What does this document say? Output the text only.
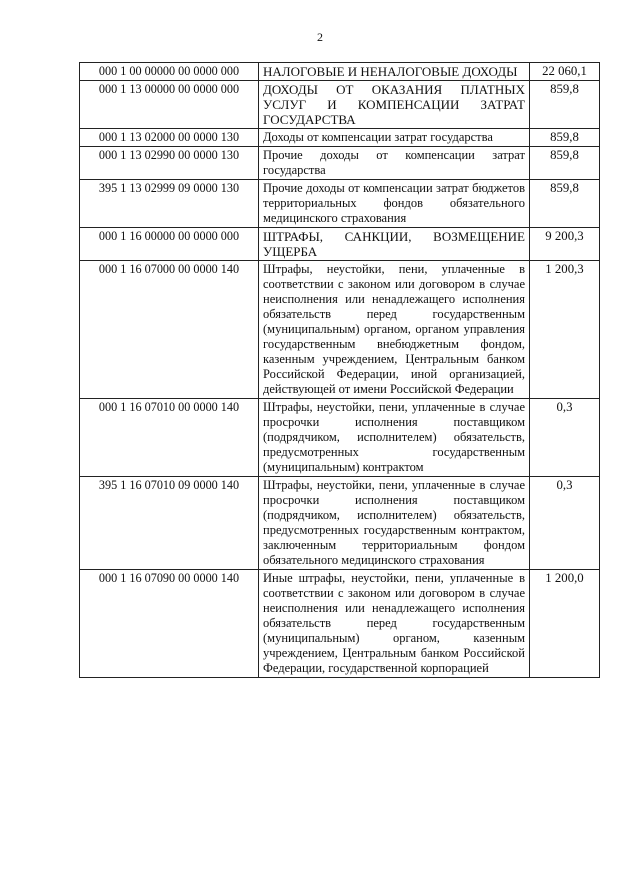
2
000 1 00 00000 00 0000 000	НАЛОГОВЫЕ И НЕНАЛОГОВЫЕ ДОХОДЫ	22 060,1
000 1 13 00000 00 0000 000	ДОХОДЫ ОТ ОКАЗАНИЯ ПЛАТНЫХ УСЛУГ И КОМПЕНСАЦИИ ЗАТРАТ ГОСУДАРСТВА	859,8
000 1 13 02000 00 0000 130	Доходы от компенсации затрат государства	859,8
000 1 13 02990 00 0000 130	Прочие доходы от компенсации затрат государства	859,8
395 1 13 02999 09 0000 130	Прочие доходы от компенсации затрат бюджетов территориальных фондов обязательного медицинского страхования	859,8
000 1 16 00000 00 0000 000	ШТРАФЫ, САНКЦИИ, ВОЗМЕЩЕНИЕ УЩЕРБА	9 200,3
000 1 16 07000 00 0000 140	Штрафы, неустойки, пени, уплаченные в соответствии с законом или договором в случае неисполнения или ненадлежащего исполнения обязательств перед государственным (муниципальным) органом, органом управления государственным внебюджетным фондом, казенным учреждением, Центральным банком Российской Федерации, иной организацией, действующей от имени Российской Федерации	1 200,3
000 1 16 07010 00 0000 140	Штрафы, неустойки, пени, уплаченные в случае просрочки исполнения поставщиком (подрядчиком, исполнителем) обязательств, предусмотренных государственным (муниципальным) контрактом	0,3
395 1 16 07010 09 0000 140	Штрафы, неустойки, пени, уплаченные в случае просрочки исполнения поставщиком (подрядчиком, исполнителем) обязательств, предусмотренных государственным контрактом, заключенным территориальным фондом обязательного медицинского страхования	0,3
000 1 16 07090 00 0000 140	Иные штрафы, неустойки, пени, уплаченные в соответствии с законом или договором в случае неисполнения или ненадлежащего исполнения обязательств перед государственным (муниципальным) органом, казенным учреждением, Центральным банком Российской Федерации, государственной корпорацией	1 200,0
